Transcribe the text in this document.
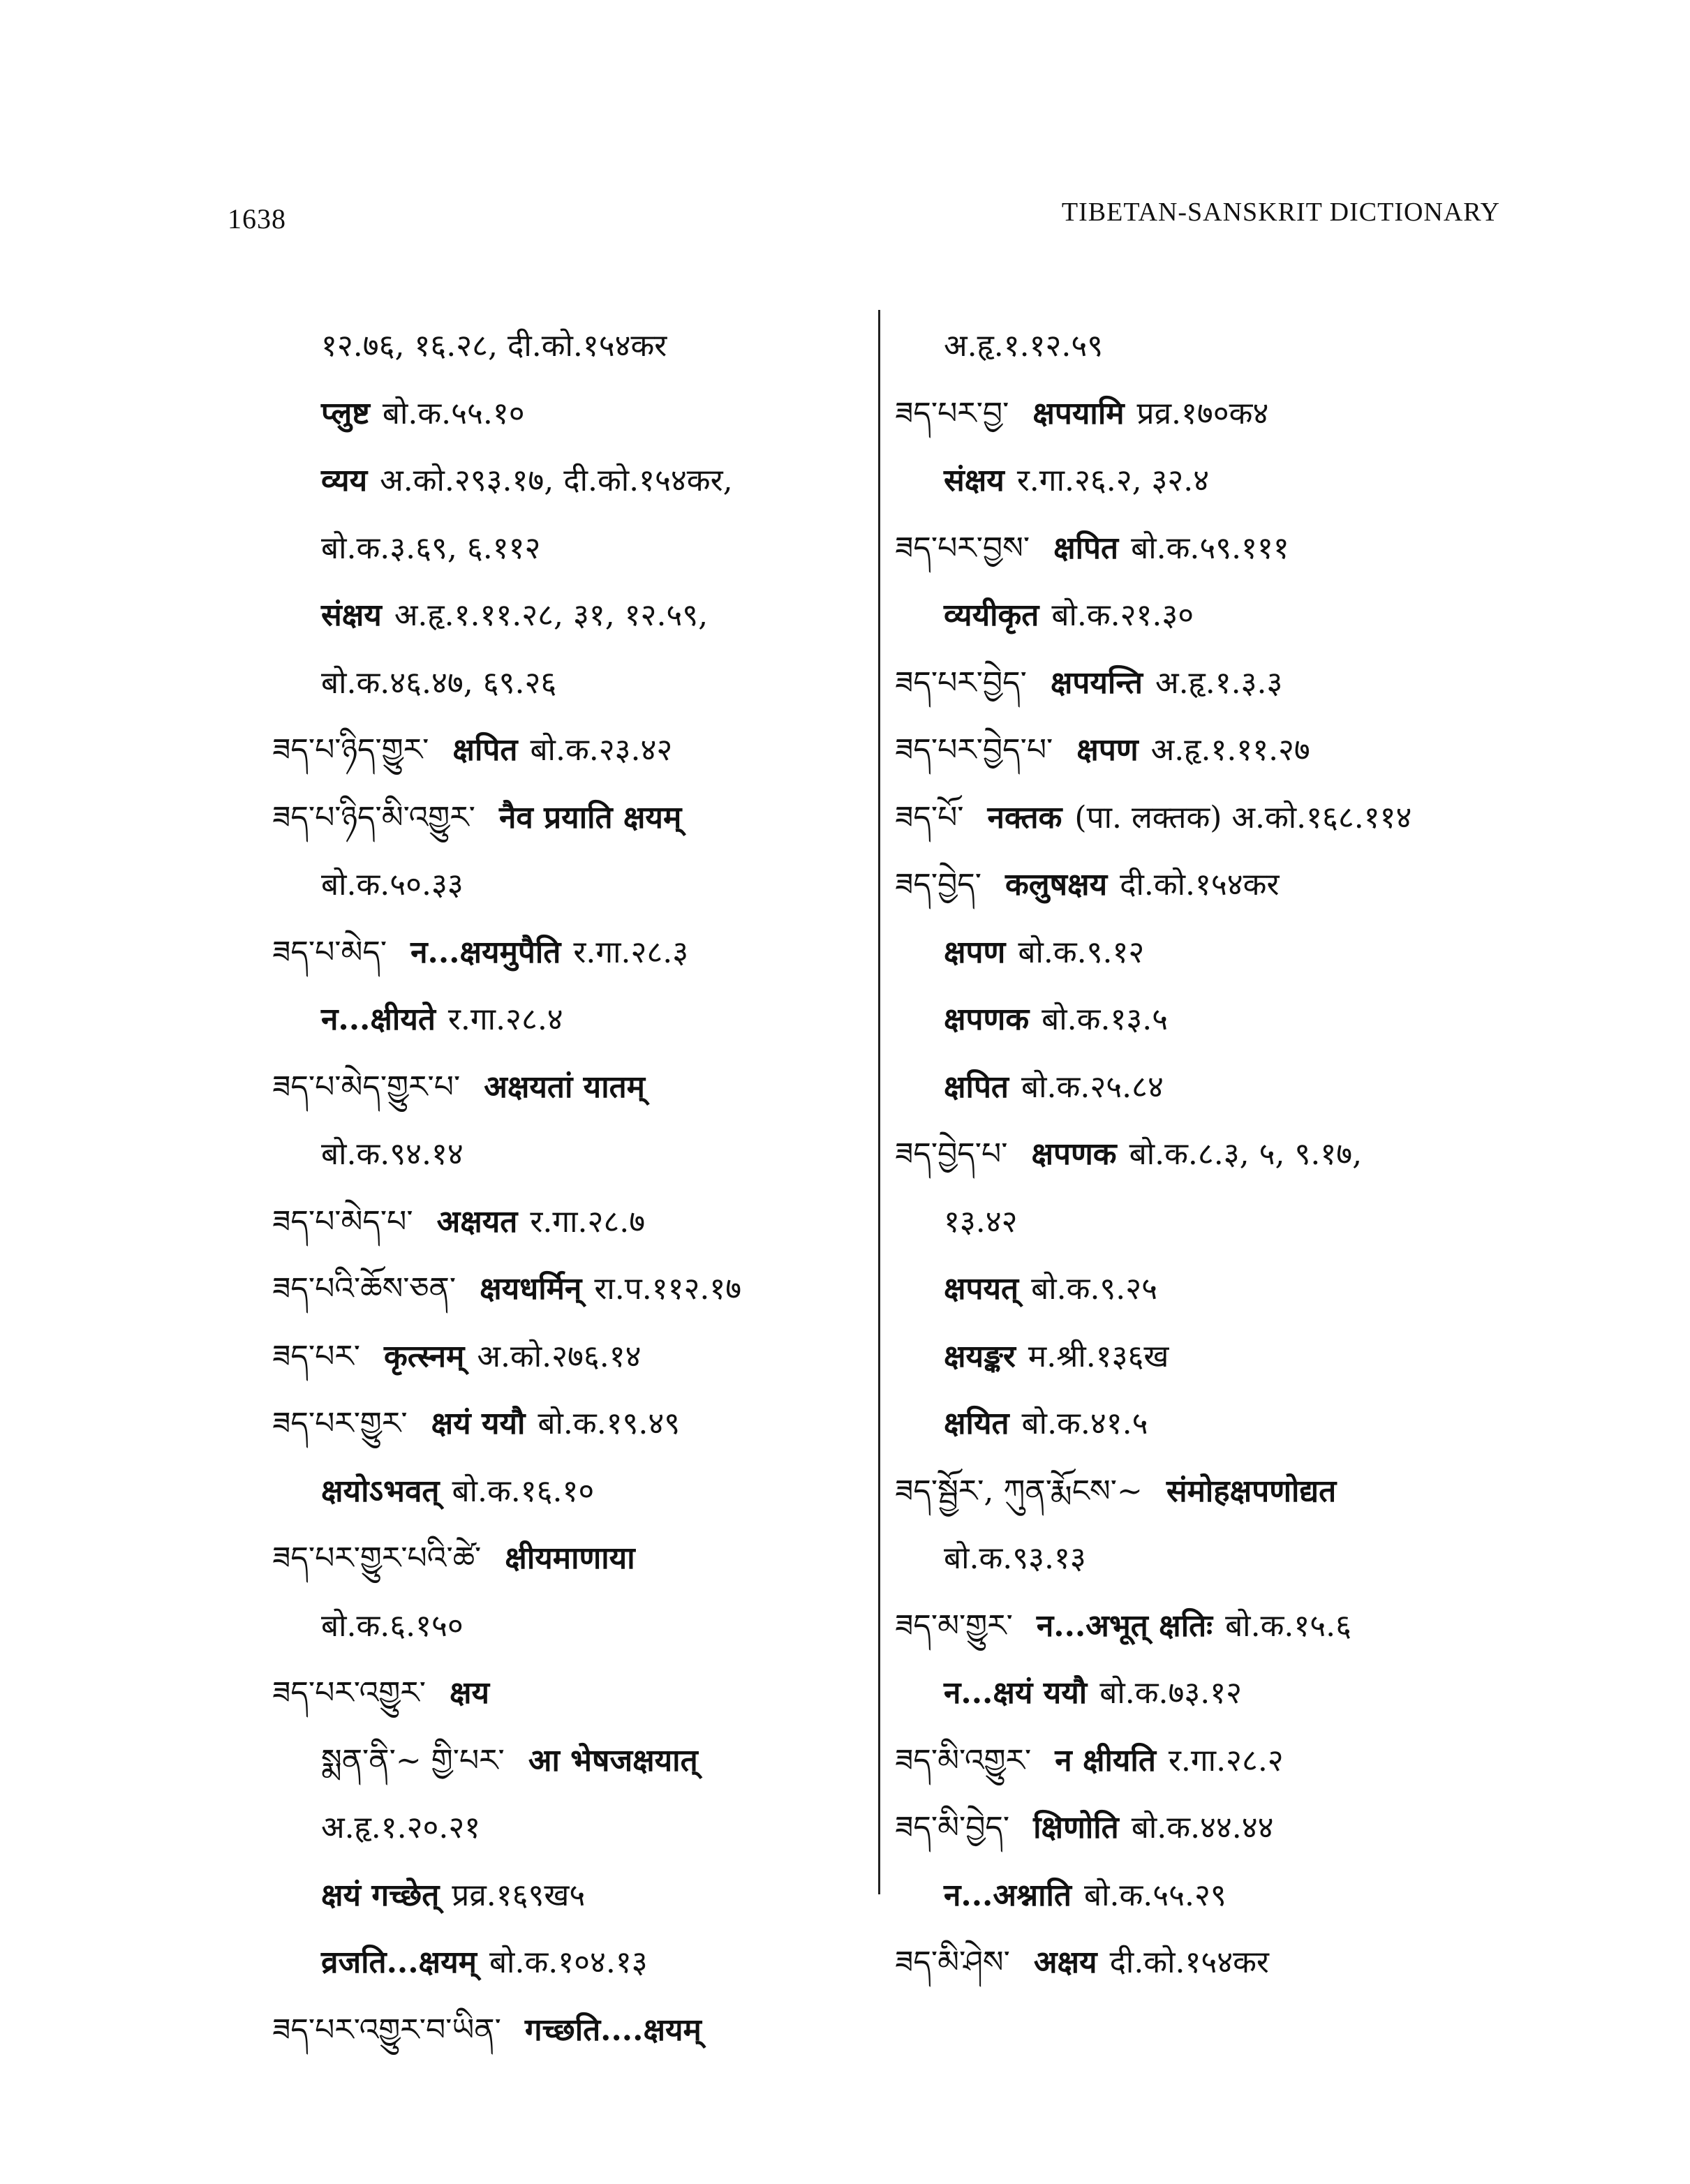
1638	TIBETAN-SANSKRIT DICTIONARY
१२.७६, १६.२८, दी.को.१५४कर
प्लुष्ट बो.क.५५.१०
व्यय अ.को.२९३.१७, दी.को.१५४कर,
बो.क.३.६९, ६.११२
संक्षय अ.हृ.१.११.२८, ३१, १२.५९,
बो.क.४६.४७, ६९.२६
ཟད་པ་ཉིད་གྱུར་ क्षपित बो.क.२३.४२
ཟད་པ་ཉིད་མི་འགྱུར་ नैव प्रयाति क्षयम्
बो.क.५०.३३
ཟད་པ་མེད་ न...क्षयमुपैति र.गा.२८.३
न...क्षीयते र.गा.२८.४
ཟད་པ་མེད་གྱུར་པ་ अक्षयतां यातम्
बो.क.९४.१४
ཟད་པ་མེད་པ་ अक्षयत र.गा.२८.७
ཟད་པའི་ཆོས་ཅན་ क्षयधर्मिन् रा.प.११२.१७
ཟད་པར་ कृत्स्नम् अ.को.२७६.१४
ཟད་པར་གྱུར་ क्षयं ययौ बो.क.१९.४९
क्षयोऽभवत् बो.क.१६.१०
ཟད་པར་གྱུར་པའི་ཚེ་ क्षीयमाणाया
बो.क.६.१५०
ཟད་པར་འགྱུར་ क्षय
སྨན་ནི་~ གྱི་པར་ आ भेषजक्षयात्
अ.हृ.१.२०.२१
क्षयं गच्छेत् प्रव्र.१६९ख५
व्रजति...क्षयम् बो.क.१०४.१३
ཟད་པར་འགྱུར་བ་ཡིན་ गच्छति....क्षयम्
अ.हृ.१.१२.५९
ཟད་པར་བྱ་ क्षपयामि प्रव्र.१७०क४
संक्षय र.गा.२६.२, ३२.४
ཟད་པར་བྱས་ क्षपित बो.क.५९.१११
व्ययीकृत बो.क.२१.३०
ཟད་པར་བྱེད་ क्षपयन्ति अ.हृ.१.३.३
ཟད་པར་བྱེད་པ་ क्षपण अ.हृ.१.११.२७
ཟད་པོ་ नक्तक (पा. लक्तक) अ.को.१६८.११४
ཟད་བྱེད་ कलुषक्षय दी.को.१५४कर
क्षपण बो.क.९.१२
क्षपणक बो.क.१३.५
क्षपित बो.क.२५.८४
ཟད་བྱེད་པ་ क्षपणक बो.क.८.३, ५, ९.१७,
१३.४२
क्षपयत् बो.क.९.२५
क्षयङ्कर म.श्री.१३६ख
क्षयित बो.क.४१.५
ཟད་སྦྱོར་, ཀུན་རྨོངས་~ संमोहक्षपणोद्यत
बो.क.९३.१३
ཟད་མ་གྱུར་ न...अभूत् क्षतिः बो.क.१५.६
न...क्षयं ययौ बो.क.७३.१२
ཟད་མི་འགྱུར་ न क्षीयति र.गा.२८.२
ཟད་མི་བྱེད་ क्षिणोति बो.क.४४.४४
न...अश्नाति बो.क.५५.२९
ཟད་མི་ཤེས་ अक्षय दी.को.१५४कर
